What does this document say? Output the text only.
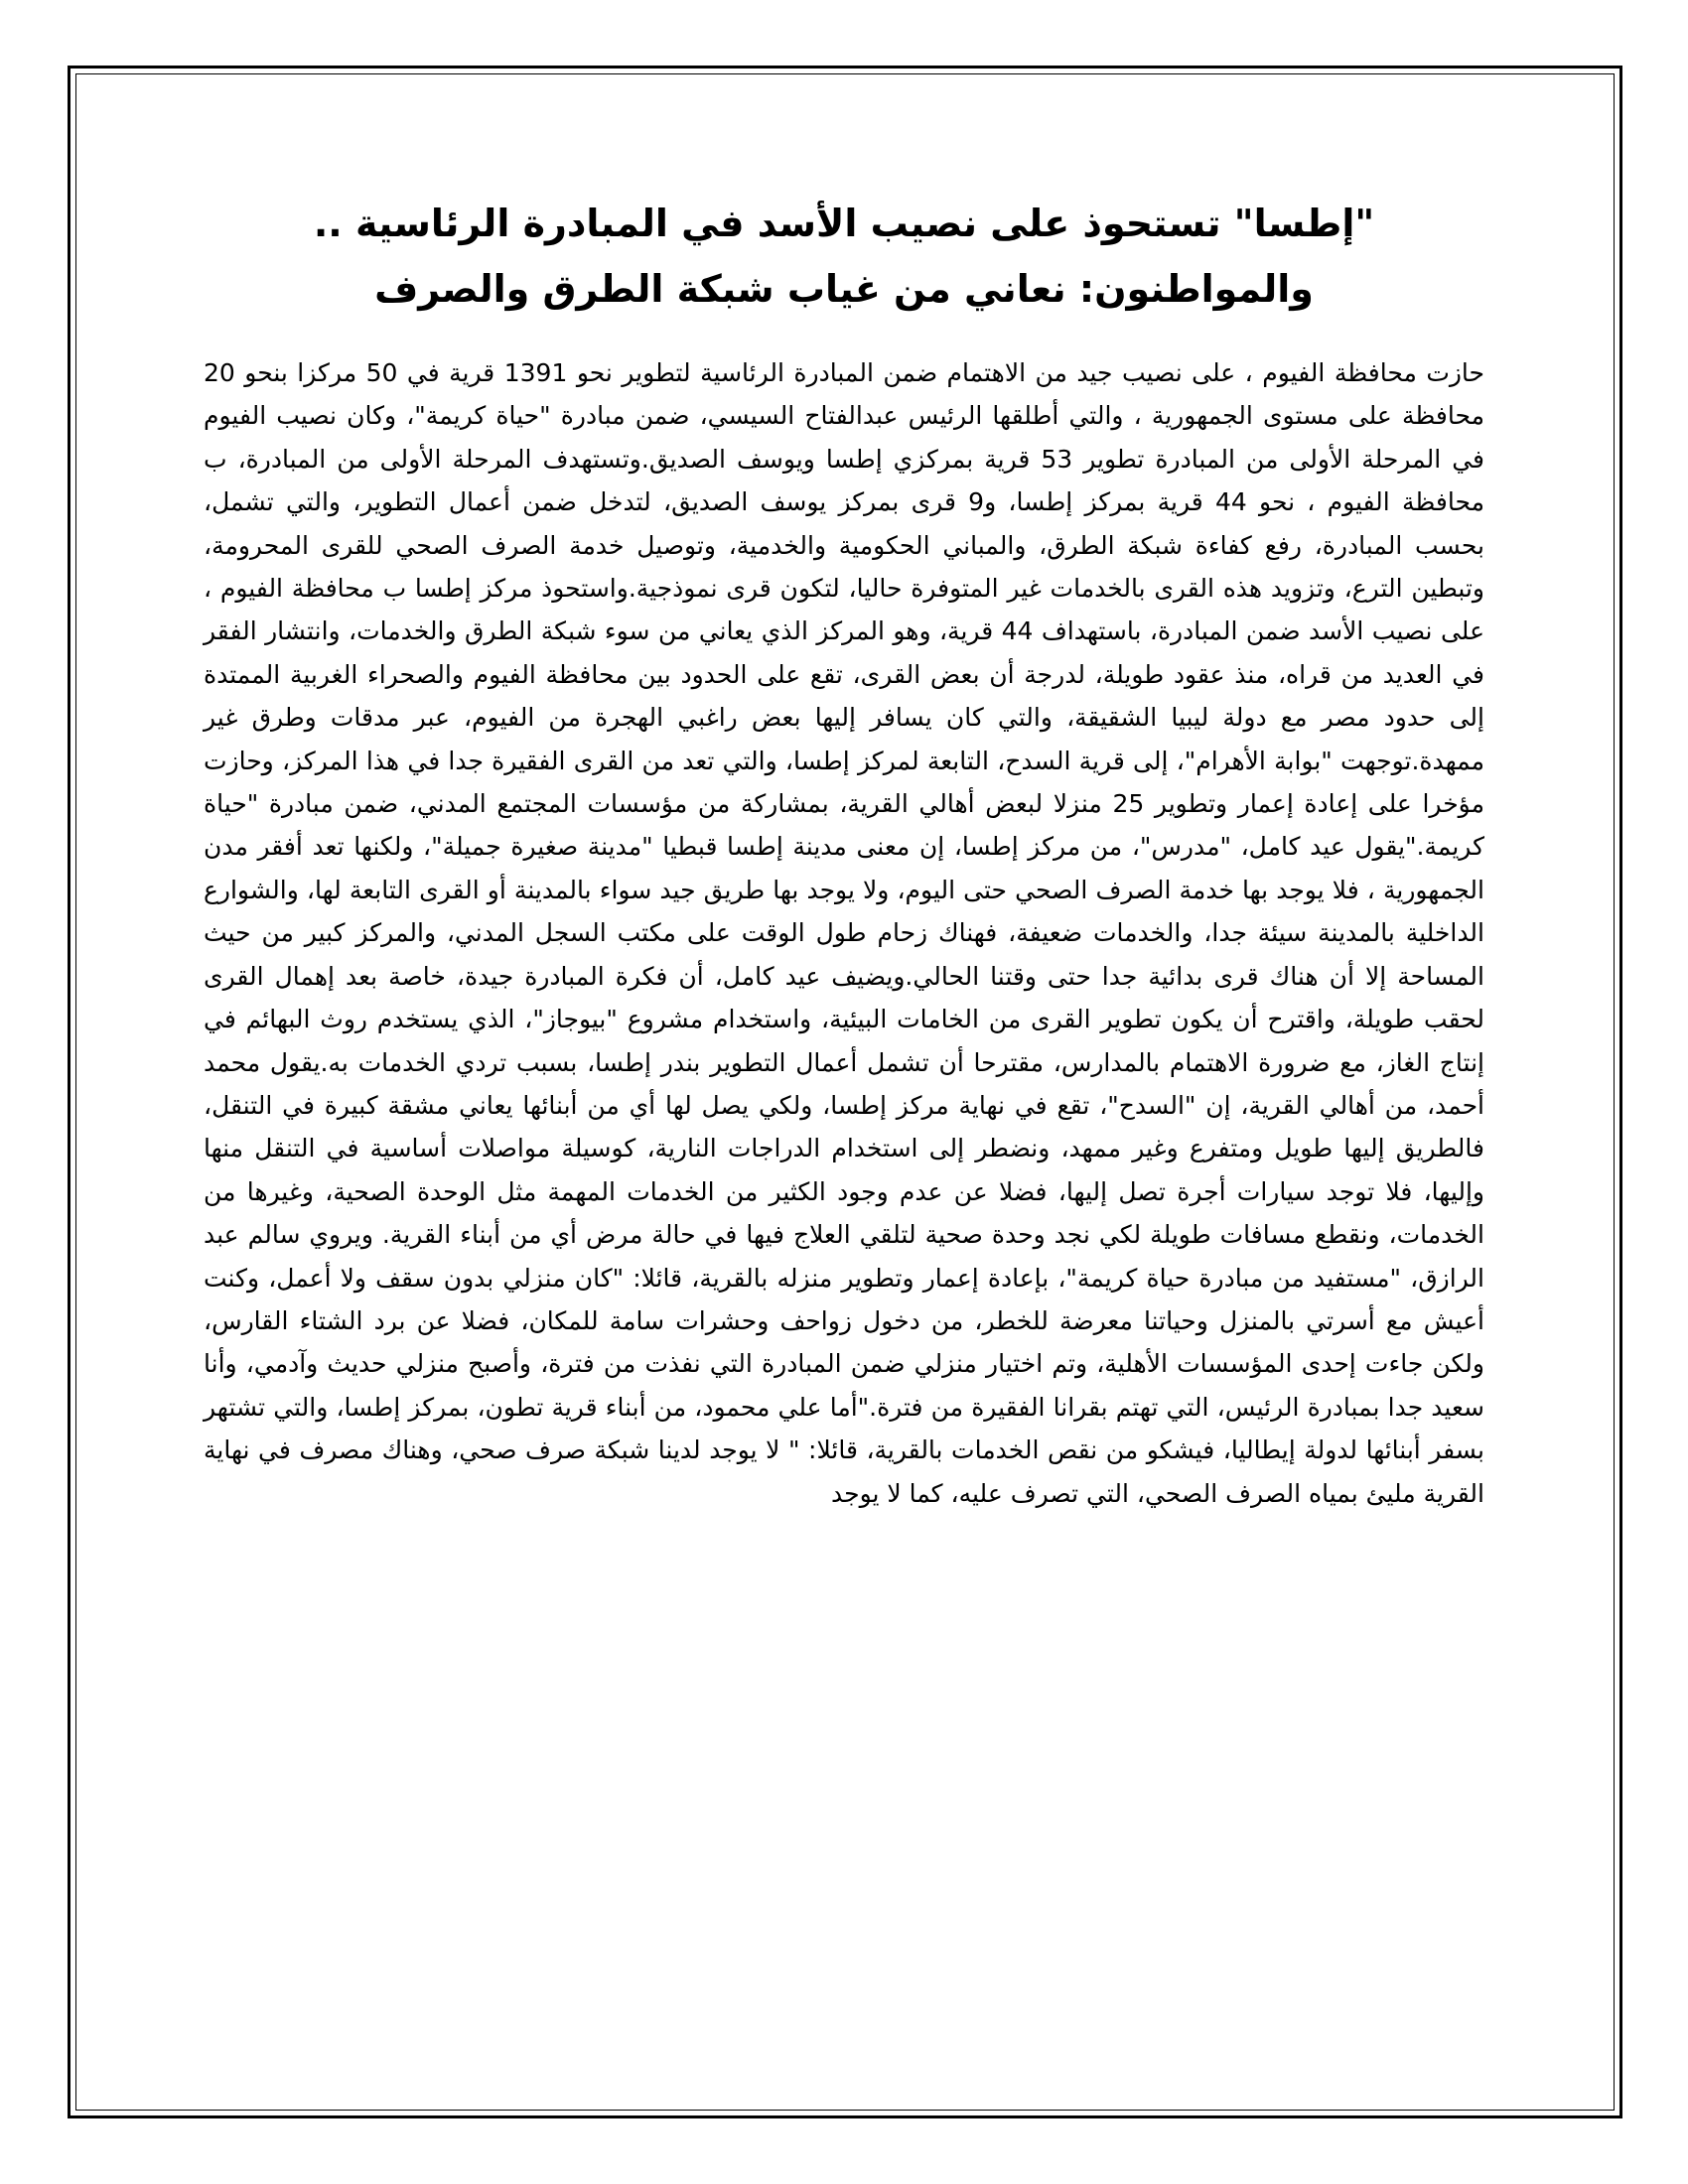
"إطسا" تستحوذ على نصيب الأسد في المبادرة الرئاسية .. والمواطنون: نعاني من غياب شبكة الطرق والصرف

حازت محافظة الفيوم ، على نصيب جيد من الاهتمام ضمن المبادرة الرئاسية لتطوير نحو 1391 قرية في 50 مركزا بنحو 20 محافظة على مستوى الجمهورية ، والتي أطلقها الرئيس عبدالفتاح السيسي، ضمن مبادرة "حياة كريمة"، وكان نصيب الفيوم في المرحلة الأولى من المبادرة تطوير 53 قرية بمركزي إطسا ويوسف الصديق.وتستهدف المرحلة الأولى من المبادرة، ب محافظة الفيوم ، نحو 44 قرية بمركز إطسا، و9 قرى بمركز يوسف الصديق، لتدخل ضمن أعمال التطوير، والتي تشمل، بحسب المبادرة، رفع كفاءة شبكة الطرق، والمباني الحكومية والخدمية، وتوصيل خدمة الصرف الصحي للقرى المحرومة، وتبطين الترع، وتزويد هذه القرى بالخدمات غير المتوفرة حاليا، لتكون قرى نموذجية.واستحوذ مركز إطسا ب محافظة الفيوم ، على نصيب الأسد ضمن المبادرة، باستهداف 44 قرية، وهو المركز الذي يعاني من سوء شبكة الطرق والخدمات، وانتشار الفقر في العديد من قراه، منذ عقود طويلة، لدرجة أن بعض القرى، تقع على الحدود بين محافظة الفيوم والصحراء الغربية الممتدة إلى حدود مصر مع دولة ليبيا الشقيقة، والتي كان يسافر إليها بعض راغبي الهجرة من الفيوم، عبر مدقات وطرق غير ممهدة.توجهت "بوابة الأهرام"، إلى قرية السدح، التابعة لمركز إطسا، والتي تعد من القرى الفقيرة جدا في هذا المركز، وحازت مؤخرا على إعادة إعمار وتطوير 25 منزلا لبعض أهالي القرية، بمشاركة من مؤسسات المجتمع المدني، ضمن مبادرة "حياة كريمة."يقول عيد كامل، "مدرس"، من مركز إطسا، إن معنى مدينة إطسا قبطيا "مدينة صغيرة جميلة"، ولكنها تعد أفقر مدن الجمهورية ، فلا يوجد بها خدمة الصرف الصحي حتى اليوم، ولا يوجد بها طريق جيد سواء بالمدينة أو القرى التابعة لها، والشوارع الداخلية بالمدينة سيئة جدا، والخدمات ضعيفة، فهناك زحام طول الوقت على مكتب السجل المدني، والمركز كبير من حيث المساحة إلا أن هناك قرى بدائية جدا حتى وقتنا الحالي.ويضيف عيد كامل، أن فكرة المبادرة جيدة، خاصة بعد إهمال القرى لحقب طويلة، واقترح أن يكون تطوير القرى من الخامات البيئية، واستخدام مشروع "بيوجاز"، الذي يستخدم روث البهائم في إنتاج الغاز، مع ضرورة الاهتمام بالمدارس، مقترحا أن تشمل أعمال التطوير بندر إطسا، بسبب تردي الخدمات به.يقول محمد أحمد، من أهالي القرية، إن "السدح"، تقع في نهاية مركز إطسا، ولكي يصل لها أي من أبنائها يعاني مشقة كبيرة في التنقل، فالطريق إليها طويل ومتفرع وغير ممهد، ونضطر إلى استخدام الدراجات النارية، كوسيلة مواصلات أساسية في التنقل منها وإليها، فلا توجد سيارات أجرة تصل إليها، فضلا عن عدم وجود الكثير من الخدمات المهمة مثل الوحدة الصحية، وغيرها من الخدمات، ونقطع مسافات طويلة لكي نجد وحدة صحية لتلقي العلاج فيها في حالة مرض أي من أبناء القرية. ويروي سالم عبد الرازق، "مستفيد من مبادرة حياة كريمة"، بإعادة إعمار وتطوير منزله بالقرية، قائلا: "كان منزلي بدون سقف ولا أعمل، وكنت أعيش مع أسرتي بالمنزل وحياتنا معرضة للخطر، من دخول زواحف وحشرات سامة للمكان، فضلا عن برد الشتاء القارس، ولكن جاءت إحدى المؤسسات الأهلية، وتم اختيار منزلي ضمن المبادرة التي نفذت من فترة، وأصبح منزلي حديث وآدمي، وأنا سعيد جدا بمبادرة الرئيس، التي تهتم بقرانا الفقيرة من فترة."أما علي محمود، من أبناء قرية تطون، بمركز إطسا، والتي تشتهر بسفر أبنائها لدولة إيطاليا، فيشكو من نقص الخدمات بالقرية، قائلا: " لا يوجد لدينا شبكة صرف صحي، وهناك مصرف في نهاية القرية مليئ بمياه الصرف الصحي، التي تصرف عليه، كما لا يوجد
